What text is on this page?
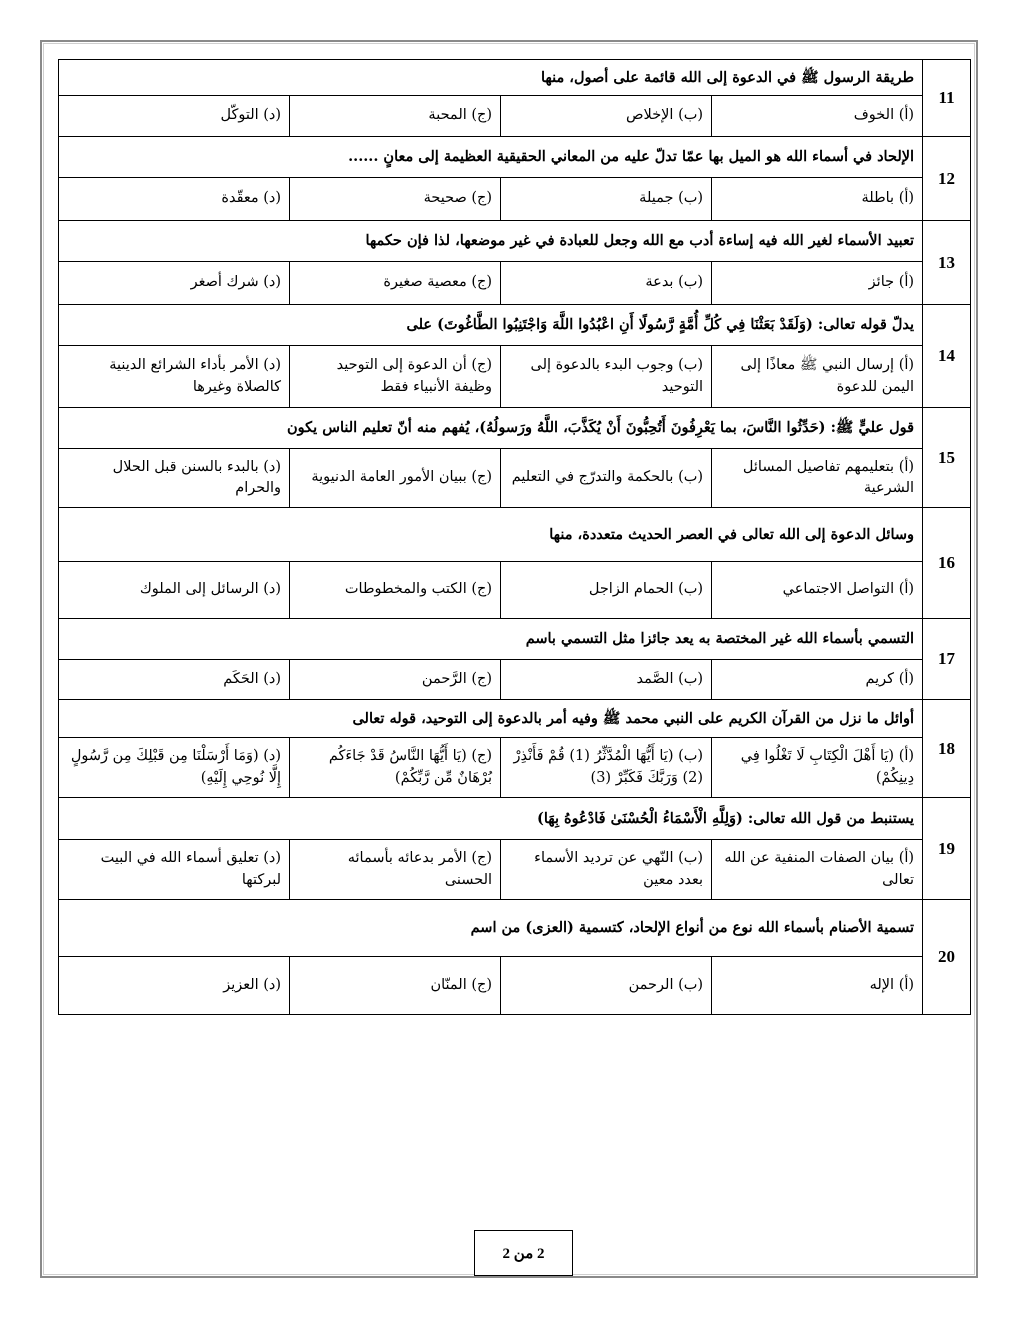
11	طريقة الرسول ﷺ في الدعوة إلى الله قائمة على أصول، منها			
	(أ) الخوف	(ب) الإخلاص	(ج) المحبة	(د) التوكّل
12	الإلحاد في أسماء الله هو الميل بها عمّا تدلّ عليه من المعاني الحقيقية العظيمة إلى معانٍ ......			
	(أ) باطلة	(ب) جميلة	(ج) صحيحة	(د) معقّدة
13	تعبيد الأسماء لغير الله فيه إساءة أدب مع الله وجعل للعبادة في غير موضعها، لذا فإن حكمها			
	(أ) جائز	(ب) بدعة	(ج) معصية صغيرة	(د) شرك أصغر
14	يدلّ قوله تعالى: (وَلَقَدْ بَعَثْنَا فِي كُلِّ أُمَّةٍ رَّسُولًا أَنِ اعْبُدُوا اللَّهَ وَاجْتَنِبُوا الطَّاغُوتَ) على			
	(أ) إرسال النبي ﷺ معاذًا إلى اليمن للدعوة	(ب) وجوب البدء بالدعوة إلى التوحيد	(ج) أن الدعوة إلى التوحيد وظيفة الأنبياء فقط	(د) الأمر بأداء الشرائع الدينية كالصلاة وغيرها
15	قول عليٍّ ﷺ: (حَدِّثُوا النَّاسَ، بما يَعْرِفُونَ أَتُحِبُّونَ أَنْ يُكَذَّبَ، اللَّهُ ورَسولُهُ)، يُفهم منه أنّ تعليم الناس يكون			
	(أ) بتعليمهم تفاصيل المسائل الشرعية	(ب) بالحكمة والتدرّج في التعليم	(ج) ببيان الأمور العامة الدنيوية	(د) بالبدء بالسنن قبل الحلال والحرام
16	وسائل الدعوة إلى الله تعالى في العصر الحديث متعددة، منها			
	(أ) التواصل الاجتماعي	(ب) الحمام الزاجل	(ج) الكتب والمخطوطات	(د) الرسائل إلى الملوك
17	التسمي بأسماء الله غير المختصة به يعد جائزا مثل التسمي باسم			
	(أ) كريم	(ب) الصَّمد	(ج) الرَّحمن	(د) الحَكَم
18	أوائل ما نزل من القرآن الكريم على النبي محمد ﷺ وفيه أمر بالدعوة إلى التوحيد، قوله تعالى			
	(أ) (يَا أَهْلَ الْكِتَابِ لَا تَغْلُوا فِي دِينِكُمْ)	(ب) (يَا أَيُّهَا الْمُدَّثِّرُ (1) قُمْ فَأَنْذِرْ (2) وَرَبَّكَ فَكَبِّرْ (3)	(ج) (يَا أَيُّهَا النَّاسُ قَدْ جَاءَكُم بُرْهَانٌ مِّن رَّبِّكُمْ)	(د) (وَمَا أَرْسَلْنَا مِن قَبْلِكَ مِن رَّسُولٍ إِلَّا نُوحِي إِلَيْهِ)
19	يستنبط من قول الله تعالى: (وَلِلَّهِ الْأَسْمَاءُ الْحُسْنَىٰ فَادْعُوهُ بِهَا)			
	(أ) بيان الصفات المنفية عن الله تعالى	(ب) النّهي عن ترديد الأسماء بعدد معين	(ج) الأمر بدعائه بأسمائه الحسنى	(د) تعليق أسماء الله في البيت لبركتها
20	تسمية الأصنام بأسماء الله نوع من أنواع الإلحاد، كتسمية (العزى) من اسم			
	(أ) الإله	(ب) الرحمن	(ج) المنّان	(د) العزيز
2 من 2
